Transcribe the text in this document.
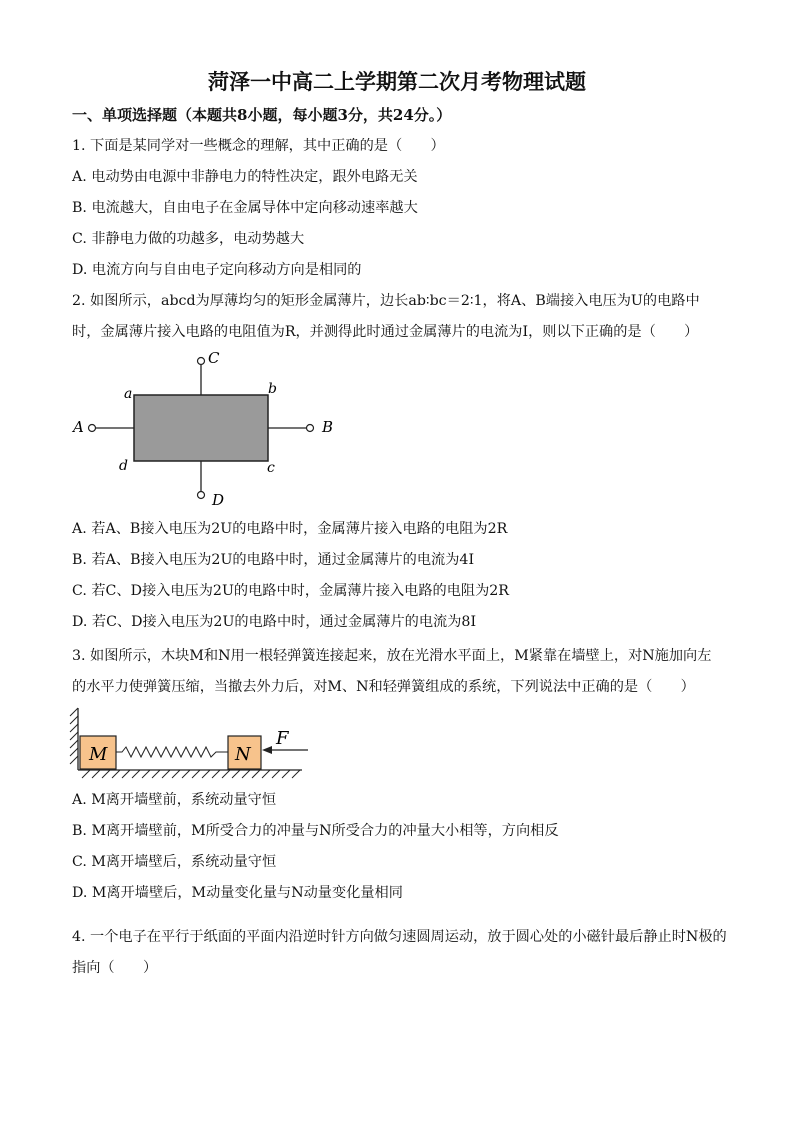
菏泽一中高二上学期第二次月考物理试题
一、单项选择题（本题共8小题，每小题3分，共24分。）
1. 下面是某同学对一些概念的理解，其中正确的是（　　）
A. 电动势由电源中非静电力的特性决定，跟外电路无关
B. 电流越大，自由电子在金属导体中定向移动速率越大
C. 非静电力做的功越多，电动势越大
D. 电流方向与自由电子定向移动方向是相同的
2. 如图所示，abcd为厚薄均匀的矩形金属薄片，边长ab∶bc＝2∶1，将A、B端接入电压为U的电路中
时，金属薄片接入电路的电阻值为R，并测得此时通过金属薄片的电流为I，则以下正确的是（　　）
C
D
A	B
a	b
c
d
A. 若A、B接入电压为2U的电路中时，金属薄片接入电路的电阻为2R
B. 若A、B接入电压为2U的电路中时，通过金属薄片的电流为4I
C. 若C、D接入电压为2U的电路中时，金属薄片接入电路的电阻为2R
D. 若C、D接入电压为2U的电路中时，通过金属薄片的电流为8I
3. 如图所示，木块M和N用一根轻弹簧连接起来，放在光滑水平面上，M紧靠在墙壁上，对N施加向左
的水平力使弹簧压缩，当撤去外力后，对M、N和轻弹簧组成的系统，下列说法中正确的是（　　）
M	N
F
A. M离开墙壁前，系统动量守恒
B. M离开墙壁前，M所受合力的冲量与N所受合力的冲量大小相等，方向相反
C. M离开墙壁后，系统动量守恒
D. M离开墙壁后，M动量变化量与N动量变化量相同
4. 一个电子在平行于纸面的平面内沿逆时针方向做匀速圆周运动，放于圆心处的小磁针最后静止时N极的
指向（　　）
